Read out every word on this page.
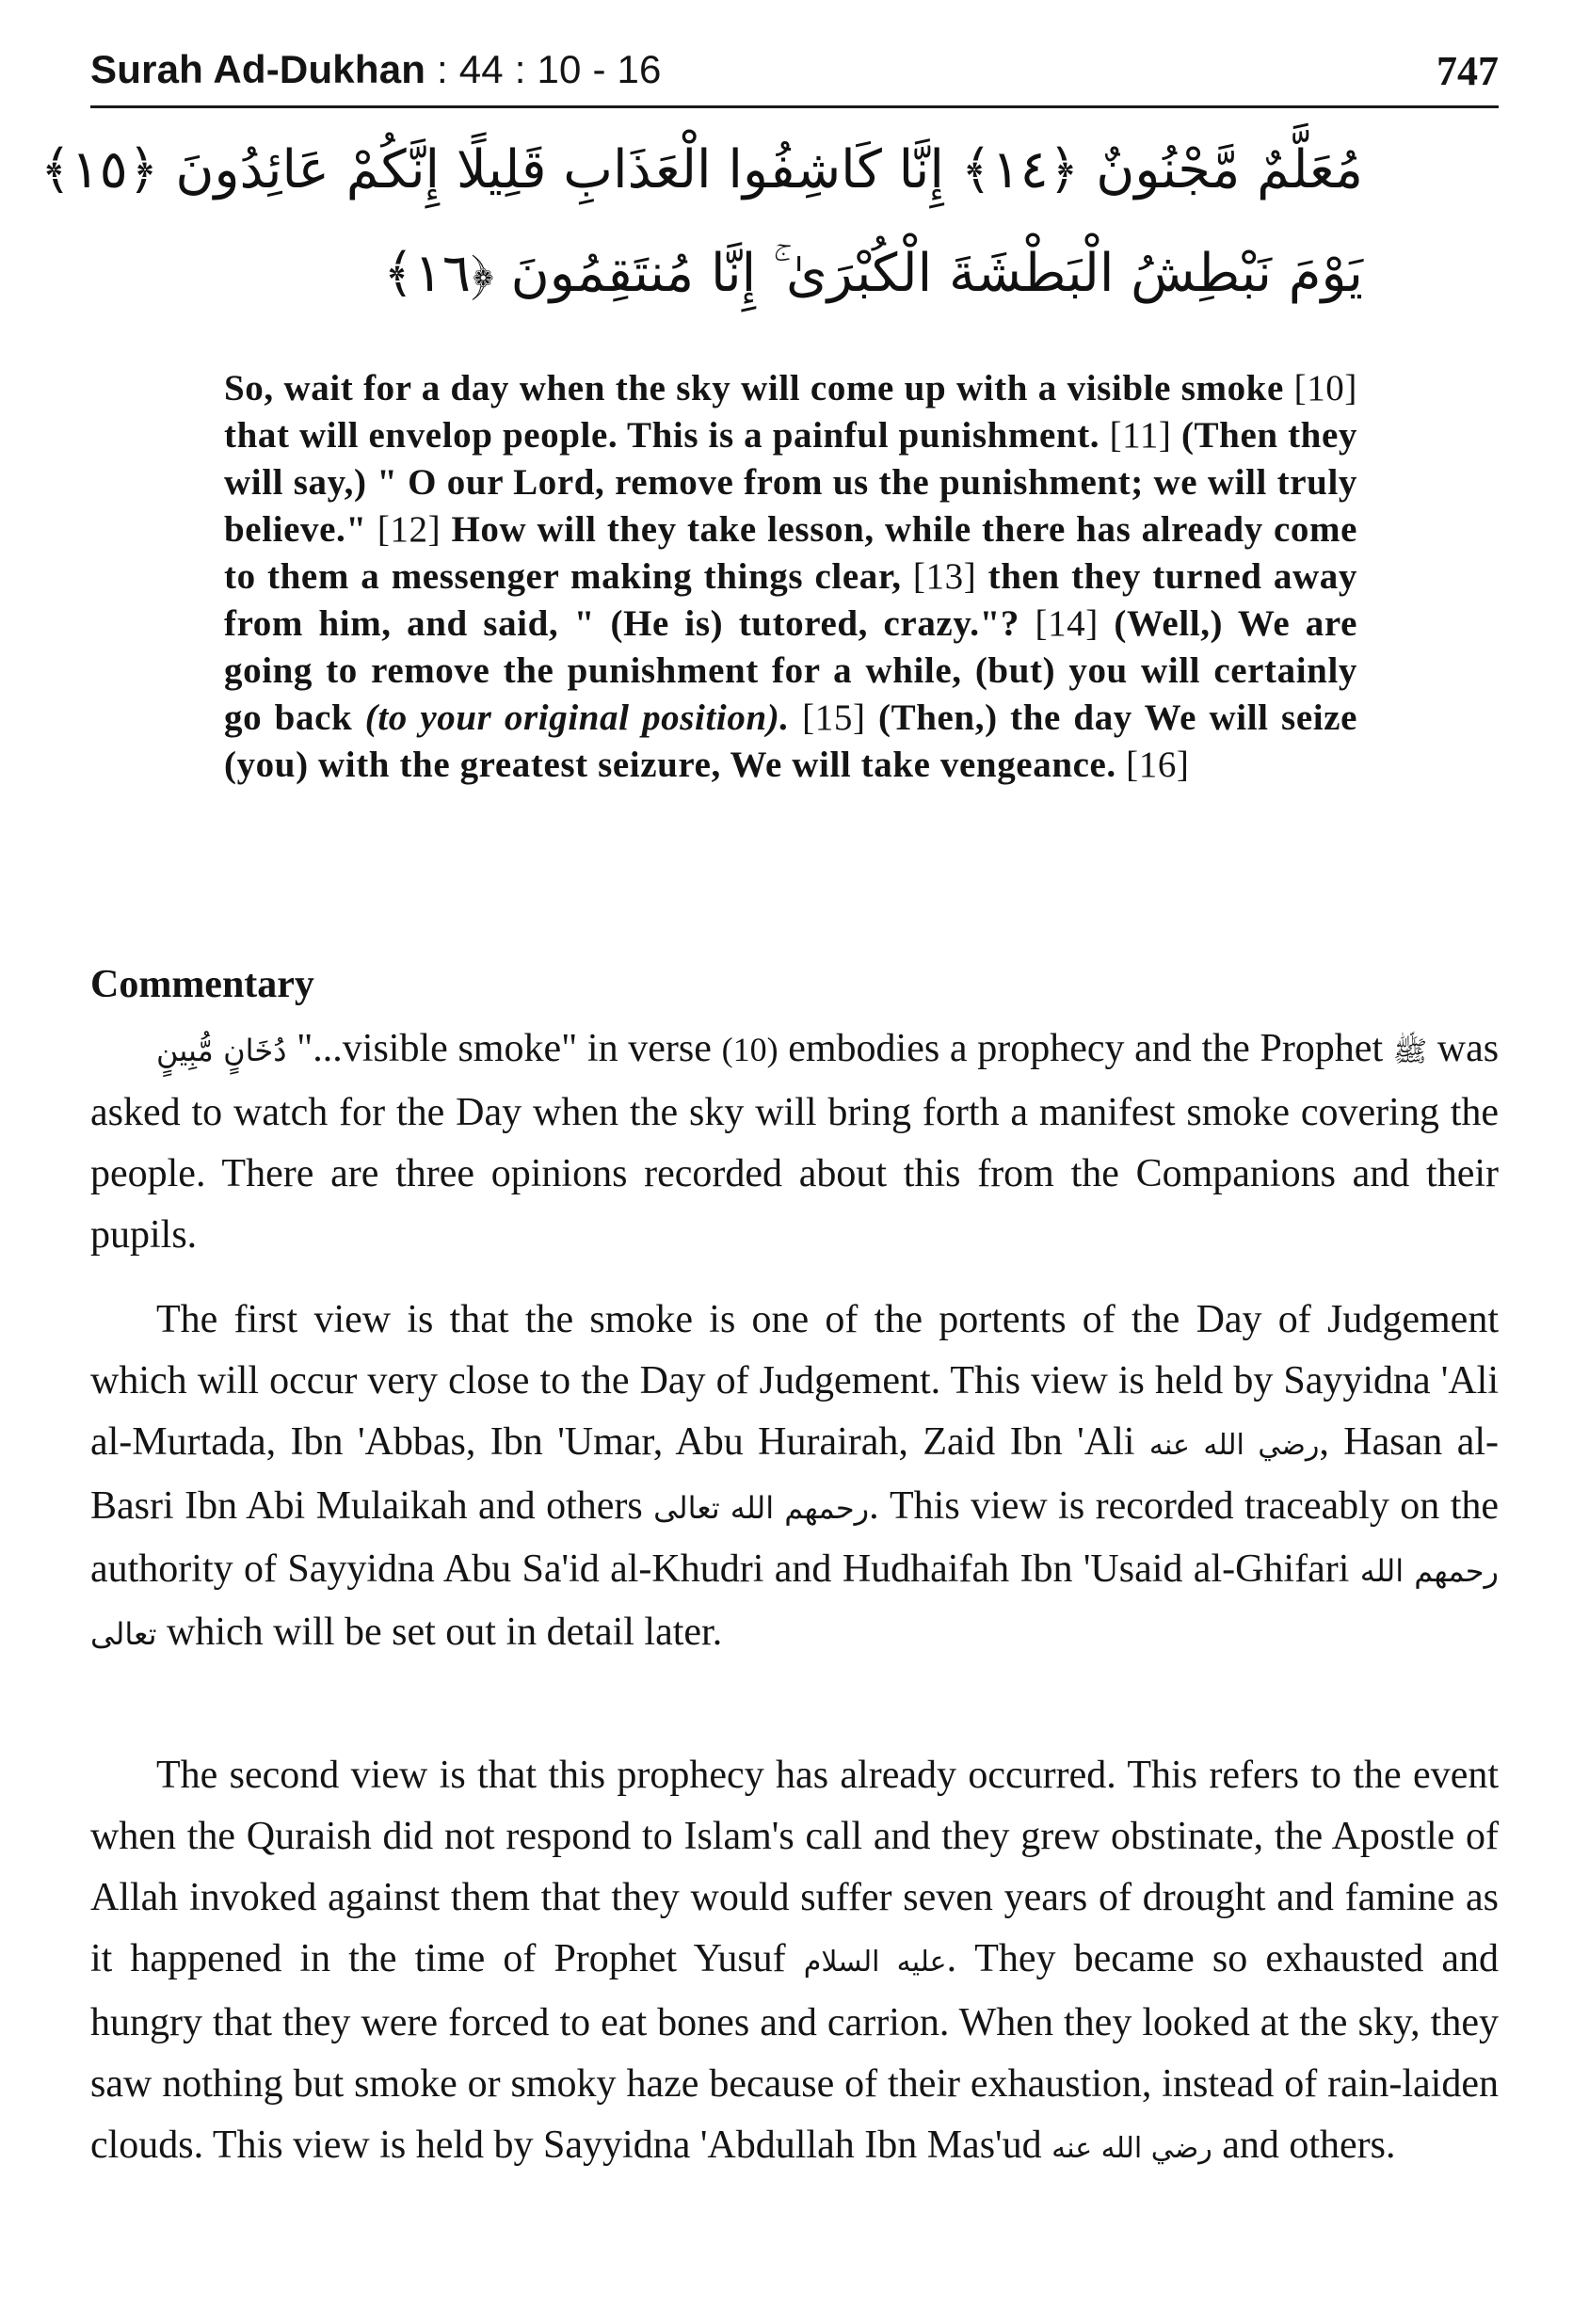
Surah Ad-Dukhan : 44 : 10 - 16	747
مُعَلَّمٌ مَّجْنُونٌ ﴿١٤﴾ إِنَّا كَاشِفُوا الْعَذَابِ قَلِيلًا إِنَّكُمْ عَائِدُونَ ﴿١٥﴾
يَوْمَ نَبْطِشُ الْبَطْشَةَ الْكُبْرَىٰ ۚ إِنَّا مُنتَقِمُونَ ﴿١٦﴾
So, wait for a day when the sky will come up with a visible smoke [10] that will envelop people. This is a painful punishment. [11] (Then they will say,) " O our Lord, remove from us the punishment; we will truly believe." [12] How will they take lesson, while there has already come to them a messenger making things clear, [13] then they turned away from him, and said, " (He is) tutored, crazy."? [14] (Well,) We are going to remove the punishment for a while, (but) you will certainly go back (to your original position). [15] (Then,) the day We will seize (you) with the greatest seizure, We will take vengeance. [16]
Commentary
دُخَانٍ مُّبِينٍ "...visible smoke" in verse (10) embodies a prophecy and the Prophet ﷺ was asked to watch for the Day when the sky will bring forth a manifest smoke covering the people. There are three opinions recorded about this from the Companions and their pupils.
The first view is that the smoke is one of the portents of the Day of Judgement which will occur very close to the Day of Judgement. This view is held by Sayyidna 'Ali al-Murtada, Ibn 'Abbas, Ibn 'Umar, Abu Hurairah, Zaid Ibn 'Ali رضي الله عنه, Hasan al-Basri Ibn Abi Mulaikah and others رحمهم الله تعالى. This view is recorded traceably on the authority of Sayyidna Abu Sa'id al-Khudri and Hudhaifah Ibn 'Usaid al-Ghifari رحمهم الله تعالى which will be set out in detail later.
The second view is that this prophecy has already occurred. This refers to the event when the Quraish did not respond to Islam's call and they grew obstinate, the Apostle of Allah invoked against them that they would suffer seven years of drought and famine as it happened in the time of Prophet Yusuf عليه السلام. They became so exhausted and hungry that they were forced to eat bones and carrion. When they looked at the sky, they saw nothing but smoke or smoky haze because of their exhaustion, instead of rain-laiden clouds. This view is held by Sayyidna 'Abdullah Ibn Mas'ud رضي الله عنه and others.
